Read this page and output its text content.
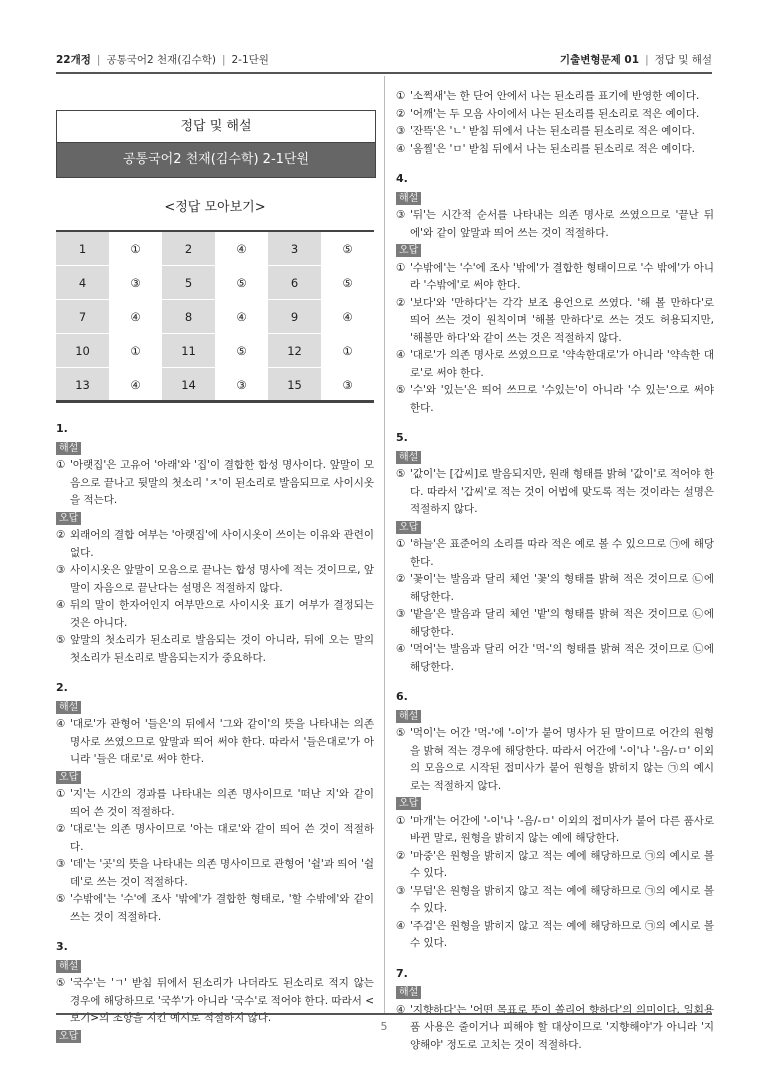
22개정 | 공통국어2 천재(김수학) | 2-1단원	기출변형문제 01 | 정답 및 해설
정답 및 해설
공통국어2 천재(김수학) 2-1단원
<정답 모아보기>
1	①	2	④	3	⑤
4	③	5	⑤	6	⑤
7	④	8	④	9	④
10	①	11	⑤	12	①
13	④	14	③	15	③
1.
해설
① '아랫집'은 고유어 '아래'와 '집'이 결합한 합성 명사이다. 앞말이 모음으로 끝나고 뒷말의 첫소리 'ㅈ'이 된소리로 발음되므로 사이시옷을 적는다.
오답
② 외래어의 결합 여부는 '아랫집'에 사이시옷이 쓰이는 이유와 관련이 없다.
③ 사이시옷은 앞말이 모음으로 끝나는 합성 명사에 적는 것이므로, 앞말이 자음으로 끝난다는 설명은 적절하지 않다.
④ 뒤의 말이 한자어인지 여부만으로 사이시옷 표기 여부가 결정되는 것은 아니다.
⑤ 앞말의 첫소리가 된소리로 발음되는 것이 아니라, 뒤에 오는 말의 첫소리가 된소리로 발음되는지가 중요하다.
2.
해설
④ '대로'가 관형어 '들은'의 뒤에서 '그와 같이'의 뜻을 나타내는 의존 명사로 쓰였으므로 앞말과 띄어 써야 한다. 따라서 '들은대로'가 아니라 '들은 대로'로 써야 한다.
오답
① '지'는 시간의 경과를 나타내는 의존 명사이므로 '떠난 지'와 같이 띄어 쓴 것이 적절하다.
② '대로'는 의존 명사이므로 '아는 대로'와 같이 띄어 쓴 것이 적절하다.
③ '데'는 '곳'의 뜻을 나타내는 의존 명사이므로 관형어 '쉴'과 띄어 '쉴 데'로 쓰는 것이 적절하다.
⑤ '수밖에'는 '수'에 조사 '밖에'가 결합한 형태로, '할 수밖에'와 같이 쓰는 것이 적절하다.
3.
해설
⑤ '국수'는 'ㄱ' 받침 뒤에서 된소리가 나더라도 된소리로 적지 않는 경우에 해당하므로 '국쑤'가 아니라 '국수'로 적어야 한다. 따라서 <보기>의 조항을 지킨 예시로 적절하지 않다.
오답
① '소쩍새'는 한 단어 안에서 나는 된소리를 표기에 반영한 예이다.
② '어깨'는 두 모음 사이에서 나는 된소리를 된소리로 적은 예이다.
③ '잔뜩'은 'ㄴ' 받침 뒤에서 나는 된소리를 된소리로 적은 예이다.
④ '움찔'은 'ㅁ' 받침 뒤에서 나는 된소리를 된소리로 적은 예이다.
4.
해설
③ '뒤'는 시간적 순서를 나타내는 의존 명사로 쓰였으므로 '끝난 뒤에'와 같이 앞말과 띄어 쓰는 것이 적절하다.
오답
① '수밖에'는 '수'에 조사 '밖에'가 결합한 형태이므로 '수 밖에'가 아니라 '수밖에'로 써야 한다.
② '보다'와 '만하다'는 각각 보조 용언으로 쓰였다. '해 볼 만하다'로 띄어 쓰는 것이 원칙이며 '해볼 만하다'로 쓰는 것도 허용되지만, '해볼만 하다'와 같이 쓰는 것은 적절하지 않다.
④ '대로'가 의존 명사로 쓰였으므로 '약속한대로'가 아니라 '약속한 대로'로 써야 한다.
⑤ '수'와 '있는'은 띄어 쓰므로 '수있는'이 아니라 '수 있는'으로 써야 한다.
5.
해설
⑤ '값이'는 [갑씨]로 발음되지만, 원래 형태를 밝혀 '값이'로 적어야 한다. 따라서 '갑씨'로 적는 것이 어법에 맞도록 적는 것이라는 설명은 적절하지 않다.
오답
① '하늘'은 표준어의 소리를 따라 적은 예로 볼 수 있으므로 ㉠에 해당한다.
② '꽃이'는 발음과 달리 체언 '꽃'의 형태를 밝혀 적은 것이므로 ㉡에 해당한다.
③ '밭을'은 발음과 달리 체언 '밭'의 형태를 밝혀 적은 것이므로 ㉡에 해당한다.
④ '먹어'는 발음과 달리 어간 '먹-'의 형태를 밝혀 적은 것이므로 ㉡에 해당한다.
6.
해설
⑤ '먹이'는 어간 '먹-'에 '-이'가 붙어 명사가 된 말이므로 어간의 원형을 밝혀 적는 경우에 해당한다. 따라서 어간에 '-이'나 '-음/-ㅁ' 이외의 모음으로 시작된 접미사가 붙어 원형을 밝히지 않는 ㉠의 예시로는 적절하지 않다.
오답
① '마개'는 어간에 '-이'나 '-음/-ㅁ' 이외의 접미사가 붙어 다른 품사로 바뀐 말로, 원형을 밝히지 않는 예에 해당한다.
② '마중'은 원형을 밝히지 않고 적는 예에 해당하므로 ㉠의 예시로 볼 수 있다.
③ '무덤'은 원형을 밝히지 않고 적는 예에 해당하므로 ㉠의 예시로 볼 수 있다.
④ '주검'은 원형을 밝히지 않고 적는 예에 해당하므로 ㉠의 예시로 볼 수 있다.
7.
해설
④ '지향하다'는 '어떤 목표로 뜻이 쏠리어 향하다'의 의미이다. 일회용품 사용은 줄이거나 피해야 할 대상이므로 '지향해야'가 아니라 '지양해야' 정도로 고치는 것이 적절하다.
5
